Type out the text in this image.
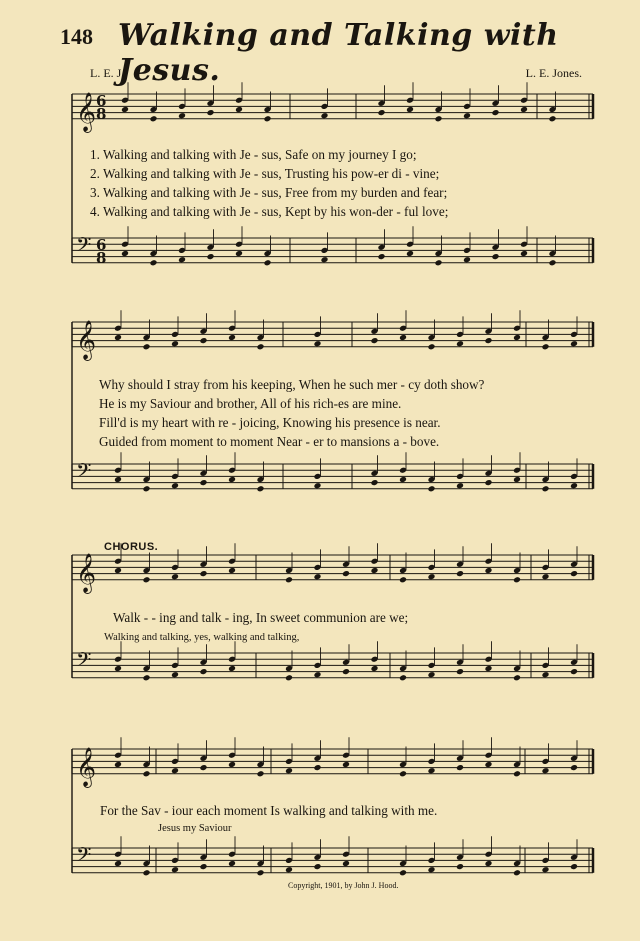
148 Walking and Talking with Jesus.
L. E. J.	L. E. Jones.
𝄞
𝄢
𝄞
𝄢
𝄞
𝄢
𝄞
𝄢
6
8
6
8
1. Walking and talking with Je - sus, Safe on my journey I go;
2. Walking and talking with Je - sus, Trusting his pow-er di - vine;
3. Walking and talking with Je - sus, Free from my burden and fear;
4. Walking and talking with Je - sus, Kept by his won-der - ful love;
Why should I stray from his keeping, When he such mer - cy doth show?
He is my Saviour and brother, All of his rich-es are mine.
Fill'd is my heart with re - joicing, Knowing his presence is near.
Guided from moment to moment Near - er to mansions a - bove.
CHORUS.
Walk - - ing and talk - ing, In sweet communion are we;
Walking and talking, yes, walking and talking,
For the Sav - iour each moment Is walking and talking with me.
Jesus my Saviour
Copyright, 1901, by John J. Hood.
